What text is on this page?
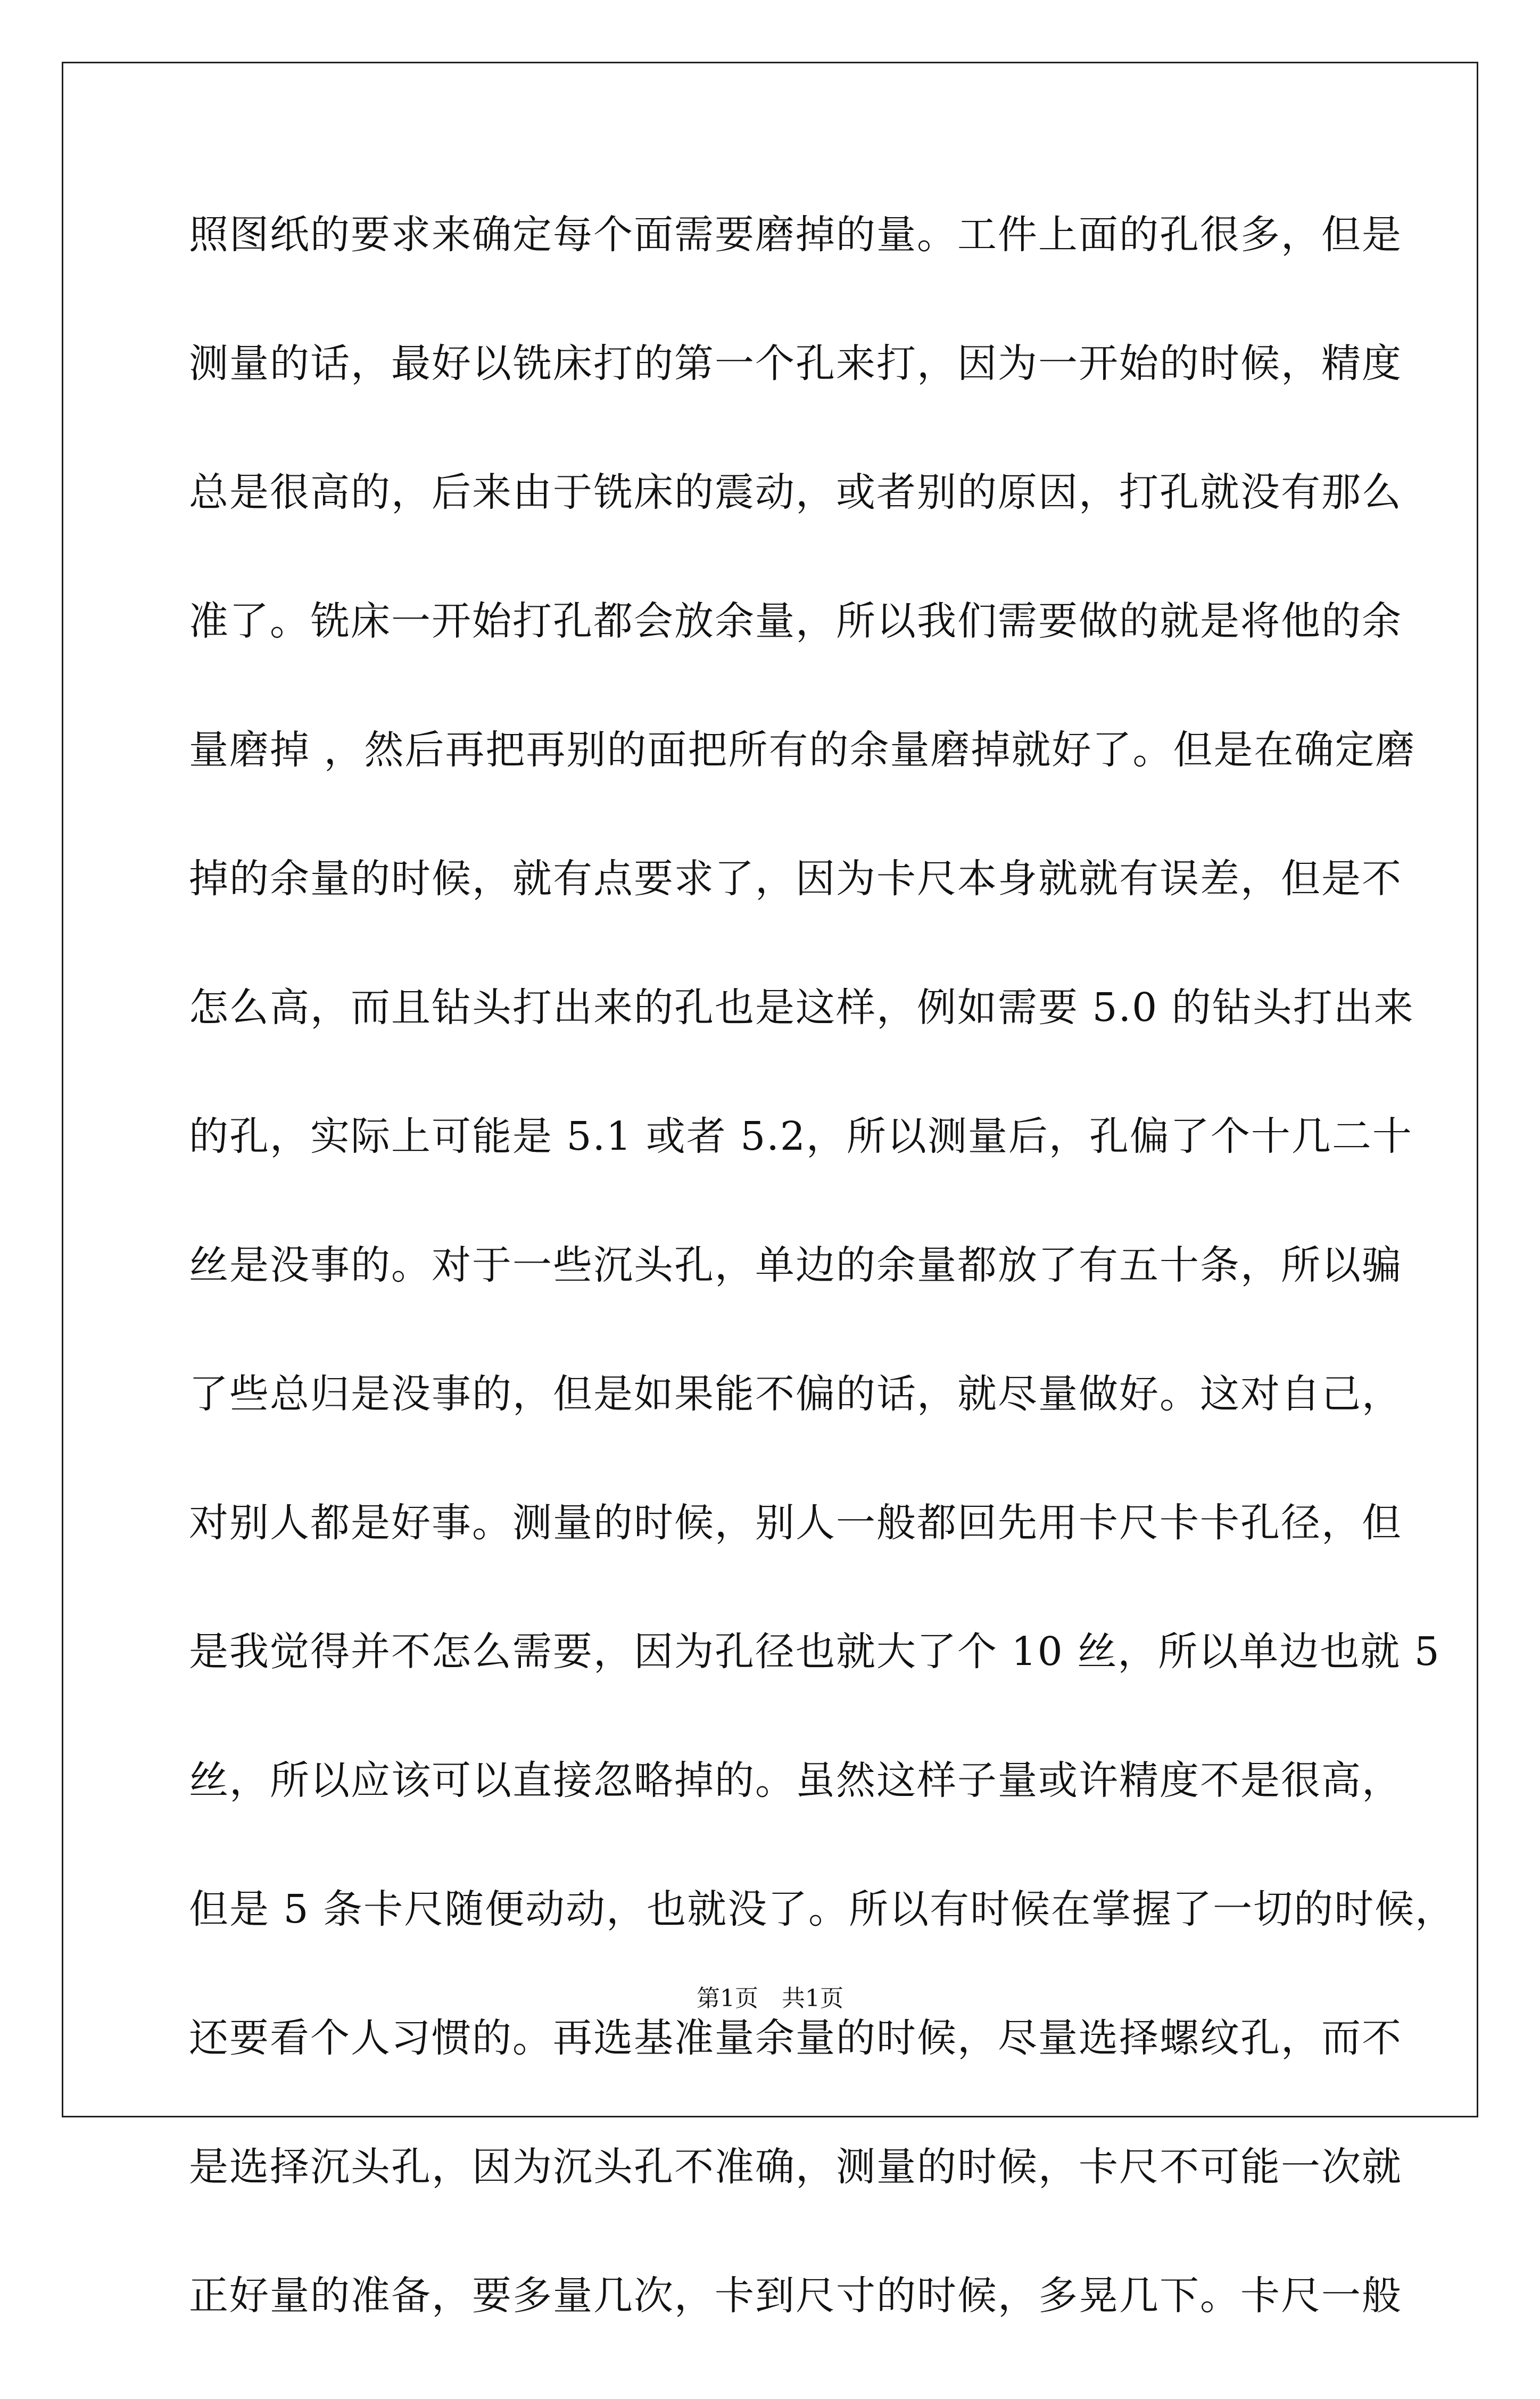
照图纸的要求来确定每个面需要磨掉的量。工件上面的孔很多，但是
测量的话，最好以铣床打的第一个孔来打，因为一开始的时候，精度
总是很高的，后来由于铣床的震动，或者别的原因，打孔就没有那么
准了。铣床一开始打孔都会放余量，所以我们需要做的就是将他的余
量磨掉 ，然后再把再别的面把所有的余量磨掉就好了。但是在确定磨
掉的余量的时候，就有点要求了，因为卡尺本身就就有误差，但是不
怎么高，而且钻头打出来的孔也是这样，例如需要 5.0 的钻头打出来
的孔，实际上可能是 5.1 或者 5.2，所以测量后，孔偏了个十几二十
丝是没事的。对于一些沉头孔，单边的余量都放了有五十条，所以骗
了些总归是没事的，但是如果能不偏的话，就尽量做好。这对自己，
对别人都是好事。测量的时候，别人一般都回先用卡尺卡卡孔径，但
是我觉得并不怎么需要，因为孔径也就大了个 10 丝，所以单边也就 5
丝，所以应该可以直接忽略掉的。虽然这样子量或许精度不是很高，
但是 5 条卡尺随便动动，也就没了。所以有时候在掌握了一切的时候，
还要看个人习惯的。再选基准量余量的时候，尽量选择螺纹孔，而不
是选择沉头孔，因为沉头孔不准确，测量的时候，卡尺不可能一次就
正好量的准备，要多量几次，卡到尺寸的时候，多晃几下。卡尺一般
第1页　共1页
